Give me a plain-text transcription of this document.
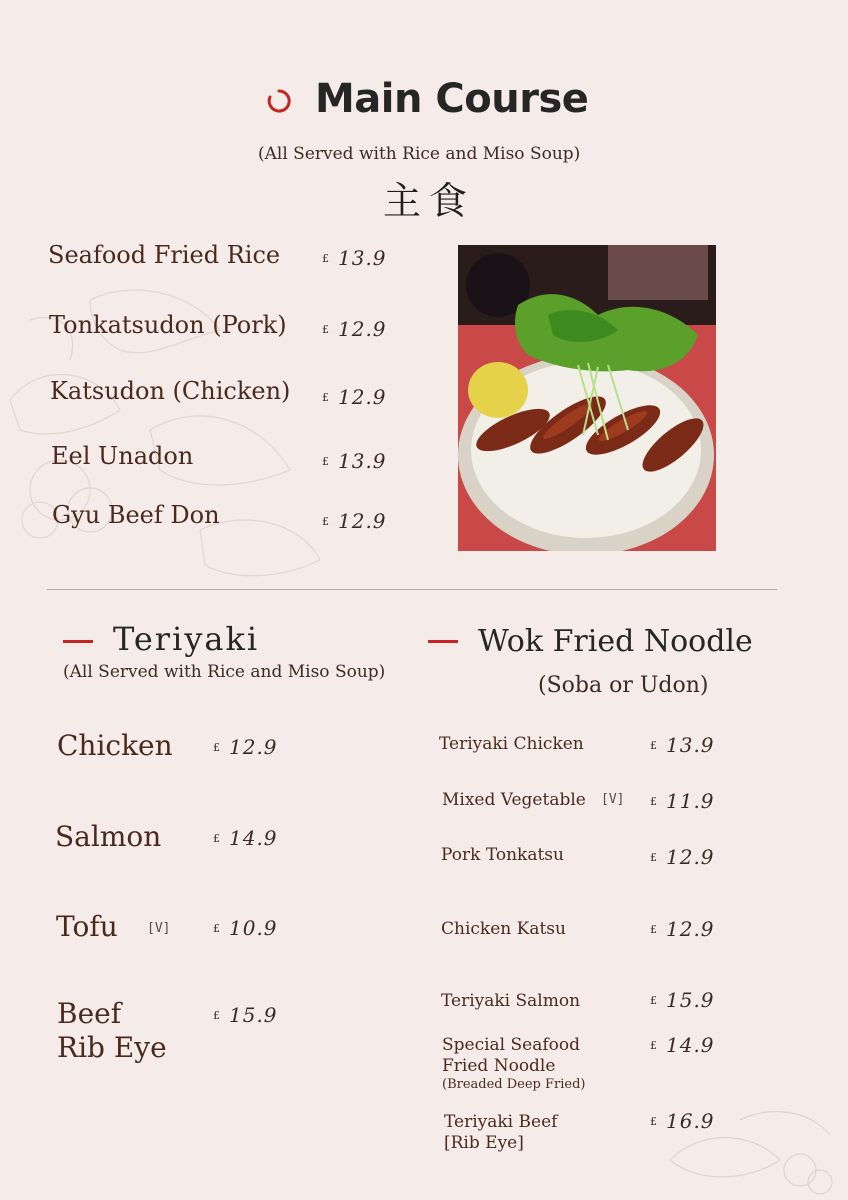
Main Course
(All Served with Rice and Miso Soup)
主食
Seafood Fried Rice	£ 13.9
Tonkatsudon (Pork)	£ 12.9
Katsudon (Chicken)	£ 12.9
Eel Unadon	£ 13.9
Gyu Beef Don	£ 12.9
Teriyaki
(All Served with Rice and Miso Soup)
Chicken	£ 12.9
Salmon	£ 14.9
Tofu [V]	£ 10.9
Beef
Rib Eye
£ 15.9
Wok Fried Noodle
(Soba or Udon)
Teriyaki Chicken	£ 13.9
Mixed Vegetable [V] £ 11.9
Pork Tonkatsu	£ 12.9
Chicken Katsu	£ 12.9
Teriyaki Salmon	£ 15.9
Special Seafood
Fried Noodle
(Breaded Deep Fried)
£ 14.9
Teriyaki Beef
[Rib Eye]
£ 16.9
